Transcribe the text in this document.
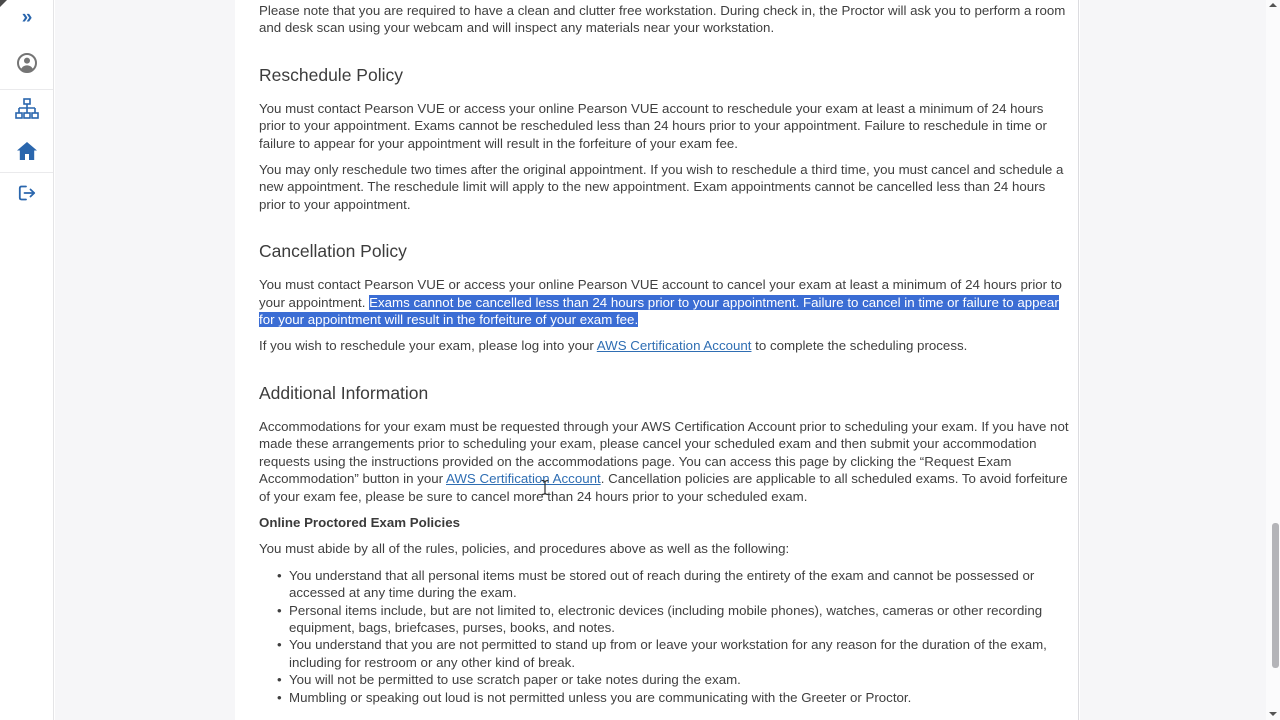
»	Please note that you are required to have a clean and clutter free workstation. During check in, the Proctor will ask you to perform a room and desk scan using your webcam and will inspect any materials near your workstation.

Reschedule Policy

You must contact Pearson VUE or access your online Pearson VUE account to reschedule your exam at least a minimum of 24 hours prior to your appointment. Exams cannot be rescheduled less than 24 hours prior to your appointment. Failure to reschedule in time or failure to appear for your appointment will result in the forfeiture of your exam fee.

You may only reschedule two times after the original appointment. If you wish to reschedule a third time, you must cancel and schedule a new appointment. The reschedule limit will apply to the new appointment. Exam appointments cannot be cancelled less than 24 hours prior to your appointment.

Cancellation Policy

You must contact Pearson VUE or access your online Pearson VUE account to cancel your exam at least a minimum of 24 hours prior to your appointment. Exams cannot be cancelled less than 24 hours prior to your appointment. Failure to cancel in time or failure to appear for your appointment will result in the forfeiture of your exam fee.

If you wish to reschedule your exam, please log into your AWS Certification Account to complete the scheduling process.

Additional Information

Accommodations for your exam must be requested through your AWS Certification Account prior to scheduling your exam. If you have not made these arrangements prior to scheduling your exam, please cancel your scheduled exam and then submit your accommodation requests using the instructions provided on the accommodations page. You can access this page by clicking the “Request Exam Accommodation” button in your AWS Certification Account. Cancellation policies are applicable to all scheduled exams. To avoid forfeiture of your exam fee, please be sure to cancel more than 24 hours prior to your scheduled exam.

Online Proctored Exam Policies

You must abide by all of the rules, policies, and procedures above as well as the following:

• You understand that all personal items must be stored out of reach during the entirety of the exam and cannot be possessed or accessed at any time during the exam.
• Personal items include, but are not limited to, electronic devices (including mobile phones), watches, cameras or other recording equipment, bags, briefcases, purses, books, and notes.
• You understand that you are not permitted to stand up from or leave your workstation for any reason for the duration of the exam, including for restroom or any other kind of break.
• You will not be permitted to use scratch paper or take notes during the exam.
• Mumbling or speaking out loud is not permitted unless you are communicating with the Greeter or Proctor.
